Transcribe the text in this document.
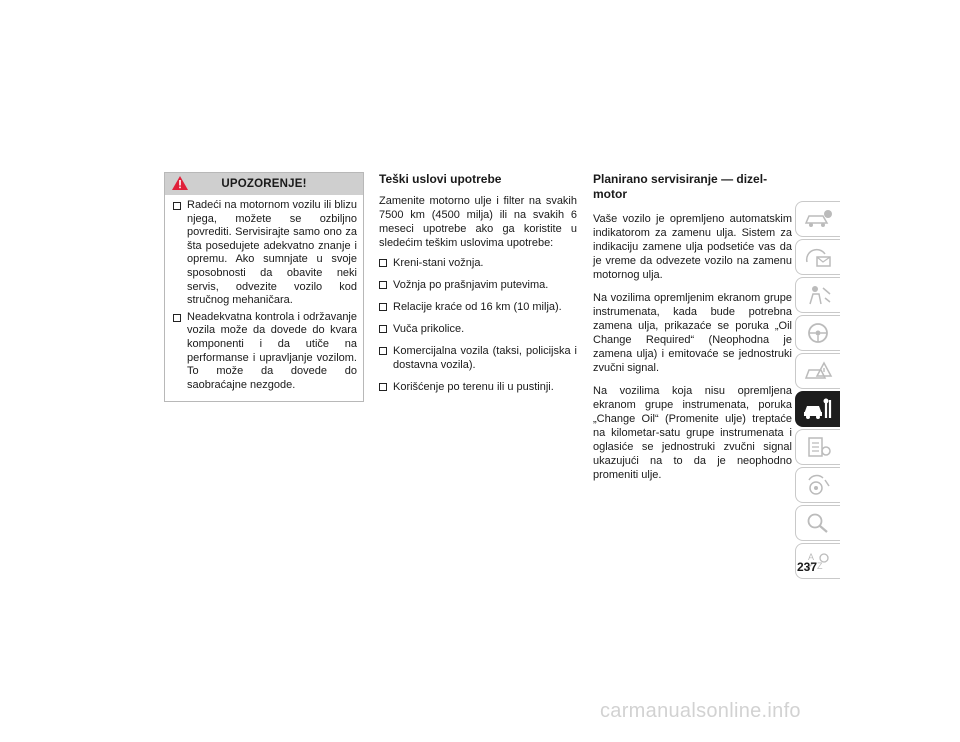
UPOZORENJE!
Radeći na motornom vozilu ili blizu njega, možete se ozbiljno povrediti. Servisirajte samo ono za šta posedujete adekvatno znanje i opremu. Ako sumnjate u svoje sposobnosti da obavite neki servis, odvezite vozilo kod stručnog mehaničara.
Neadekvatna kontrola i održavanje vozila može da dovede do kvara komponenti i da utiče na performanse i upravljanje vozilom. To može da dovede do saobraćajne nezgode.
Teški uslovi upotrebe

Zamenite motorno ulje i filter na svakih 7500 km (4500 milja) ili na svakih 6 meseci upotrebe ako ga koristite u sledećim teškim uslovima upotrebe:

Kreni-stani vožnja.
Vožnja po prašnjavim putevima.
Relacije kraće od 16 km (10 milja).
Vuča prikolice.
Komercijalna vozila (taksi, policijska i dostavna vozila).
Korišćenje po terenu ili u pustinji.
Planirano servisiranje — dizel-motor

Vaše vozilo je opremljeno automatskim indikatorom za zamenu ulja. Sistem za indikaciju zamene ulja podsetiće vas da je vreme da odvezete vozilo na zamenu motornog ulja.

Na vozilima opremljenim ekranom grupe instrumenata, kada bude potrebna zamena ulja, prikazaće se poruka „Oil Change Required“ (Neophodna je zamena ulja) i emitovaće se jednostruki zvučni signal.

Na vozilima koja nisu opremljena ekranom grupe instrumenata, poruka „Change Oil“ (Promenite ulje) treptaće na kilometar-satu grupe instrumenata i oglasiće se jednostruki zvučni signal ukazujući na to da je neophodno promeniti ulje.

A
Z
237
carmanualsonline.info
